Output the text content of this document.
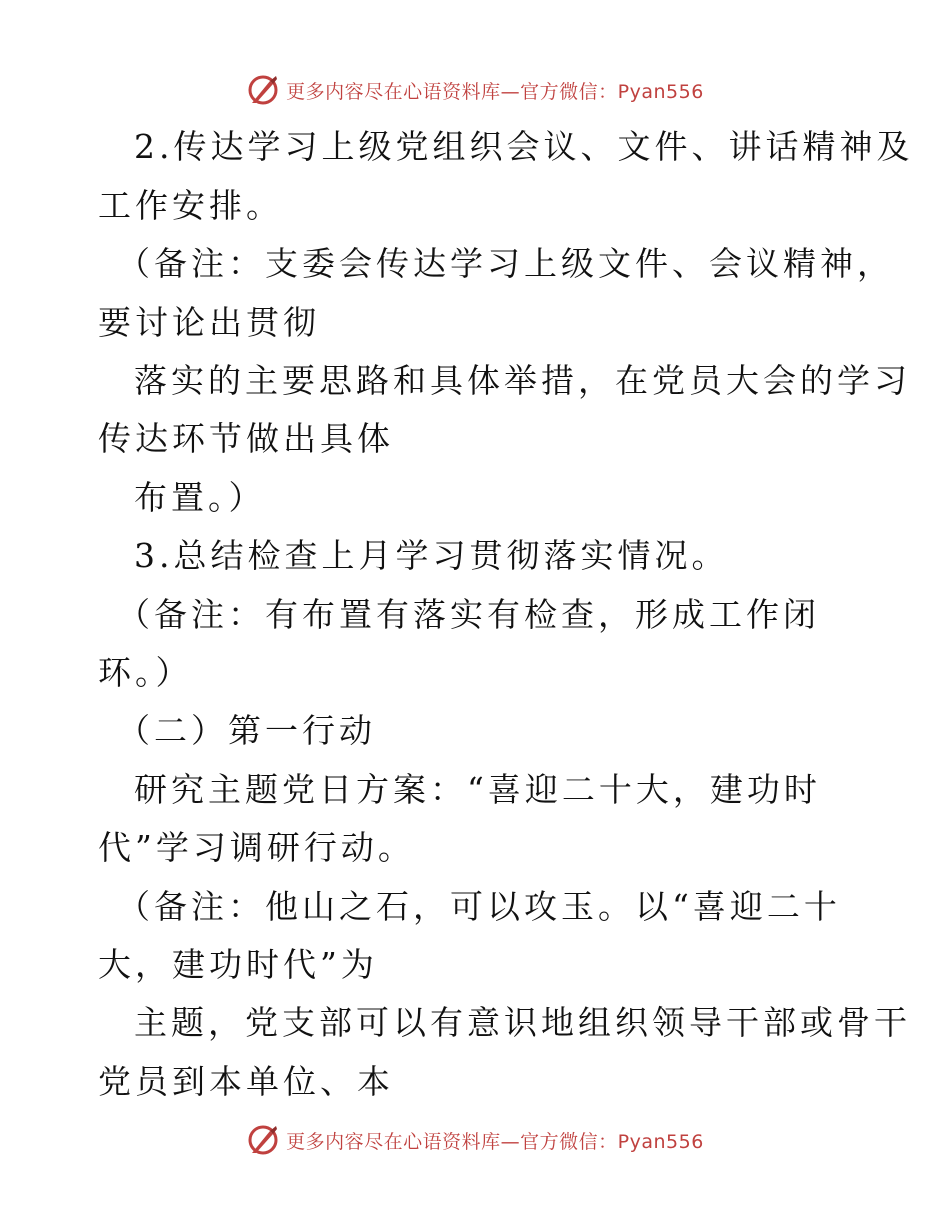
更多内容尽在心语资料库—官方微信：Pyan556
2.传达学习上级党组织会议、文件、讲话精神及
工作安排。
（备注：支委会传达学习上级文件、会议精神，
要讨论出贯彻
落实的主要思路和具体举措，在党员大会的学习
传达环节做出具体
布置。）
3.总结检查上月学习贯彻落实情况。
（备注：有布置有落实有检查，形成工作闭
环。）
（二）第一行动
研究主题党日方案：“喜迎二十大，建功时
代”学习调研行动。
（备注：他山之石，可以攻玉。以“喜迎二十
大，建功时代”为
主题，党支部可以有意识地组织领导干部或骨干
党员到本单位、本
更多内容尽在心语资料库—官方微信：Pyan556
